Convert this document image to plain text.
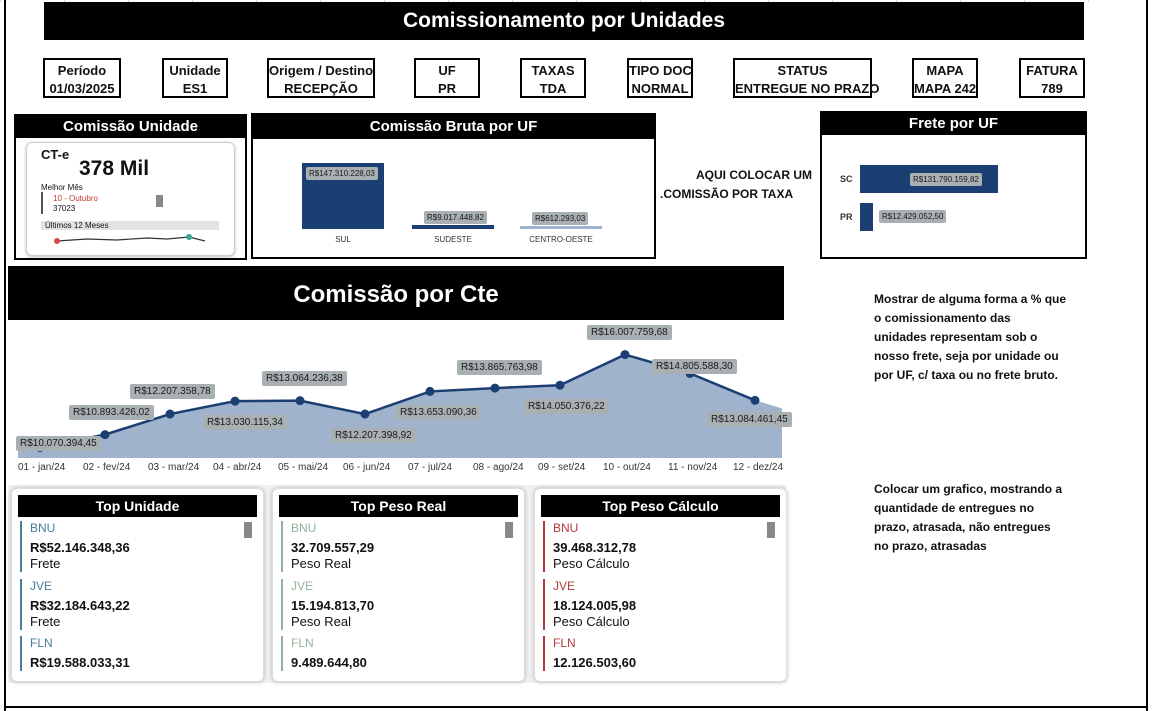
Comissionamento por Unidades
Período
01/03/2025
Unidade
ES1
Origem / Destino
RECEPÇÃO
UF
PR
TAXAS
TDA
TIPO DOC
NORMAL
STATUS
ENTREGUE NO PRAZO
MAPA
MAPA 242
FATURA
789
Comissão Unidade
CT-e
378 Mil
Melhor Mês
10 - Outubro
37023
Últimos 12 Meses
Comissão Bruta por UF
R$147.310.228,03
SUL
R$9.017.448,82
SUDESTE
R$612.293,03
CENTRO-OESTE
AQUI COLOCAR UM
.COMISSÃO POR TAXA
Frete por UF
SC	R$131.790.159,82
PR	R$12.429.052,50
Comissão por Cte
R$10.070.394,45
R$10.893.426,02
R$12.207.358,78
R$13.030.115,34
R$13.064.236,38
R$12.207.398,92
R$13.653.090,36
R$13.865.763,98
R$14.050.376,22
R$16.007.759,68
R$14.805.588,30
R$13.084.461,45
Mostrar de alguma forma a % que
o comissionamento das
unidades representam sob o
nosso frete, seja por unidade ou
por UF, c/ taxa ou no frete bruto.
Colocar um grafico, mostrando a
quantidade de entregues no
prazo, atrasada, não entregues
no prazo, atrasadas
Top Unidade
BNU
R$52.146.348,36
Frete
JVE
R$32.184.643,22
Frete
FLN
R$19.588.033,31
Top Peso Real
BNU
32.709.557,29
Peso Real
JVE
15.194.813,70
Peso Real
FLN
9.489.644,80
Top Peso Cálculo
BNU
39.468.312,78
Peso Cálculo
JVE
18.124.005,98
Peso Cálculo
FLN
12.126.503,60
01 - jan/24 02 - fev/24 03 - mar/24 04 - abr/24 05 - mai/24 06 - jun/24 07 - jul/24 08 - ago/24 09 - set/24 10 - out/24 11 - nov/24 12 - dez/24
